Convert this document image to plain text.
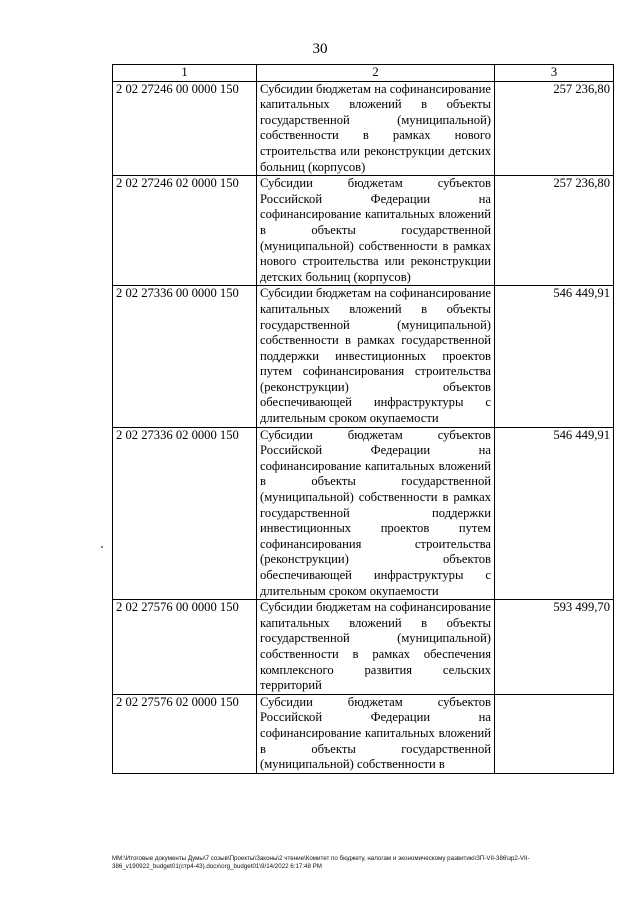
30
1	2	3
2 02 27246 00 0000 150	Субсидии бюджетам на софинансирование капитальных вложений в объекты государственной (муниципальной) собственности в рамках нового строительства или реконструкции детских больниц (корпусов)	257 236,80
2 02 27246 02 0000 150	Субсидии бюджетам субъектов Российской Федерации на софинансирование капитальных вложений в объекты государственной (муниципальной) собственности в рамках нового строительства или реконструкции детских больниц (корпусов)	257 236,80
2 02 27336 00 0000 150	Субсидии бюджетам на софинансирование капитальных вложений в объекты государственной (муниципальной) собственности в рамках государственной поддержки инвестиционных проектов путем софинансирования строительства (реконструкции) объектов обеспечивающей инфраструктуры с длительным сроком окупаемости	546 449,91
2 02 27336 02 0000 150	Субсидии бюджетам субъектов Российской Федерации на софинансирование капитальных вложений в объекты государственной (муниципальной) собственности в рамках государственной поддержки инвестиционных проектов путем софинансирования строительства (реконструкции) объектов обеспечивающей инфраструктуры с длительным сроком окупаемости	546 449,91
2 02 27576 00 0000 150	Субсидии бюджетам на софинансирование капитальных вложений в объекты государственной (муниципальной) собственности в рамках обеспечения комплексного развития сельских территорий	593 499,70
2 02 27576 02 0000 150	Субсидии бюджетам субъектов Российской Федерации на софинансирование капитальных вложений в объекты государственной (муниципальной) собственности в	
ММ:\Итоговые документы Думы\7 созыв\Проекты\Законы\2 чтение\Комитет по бюджету, налогам и экономическому развитию\ЗП-VII-386\зр2-VII-
386_v190922_budget01(стр4-43).docx\org_budget01\9/14/2022 6:17:48 PM
